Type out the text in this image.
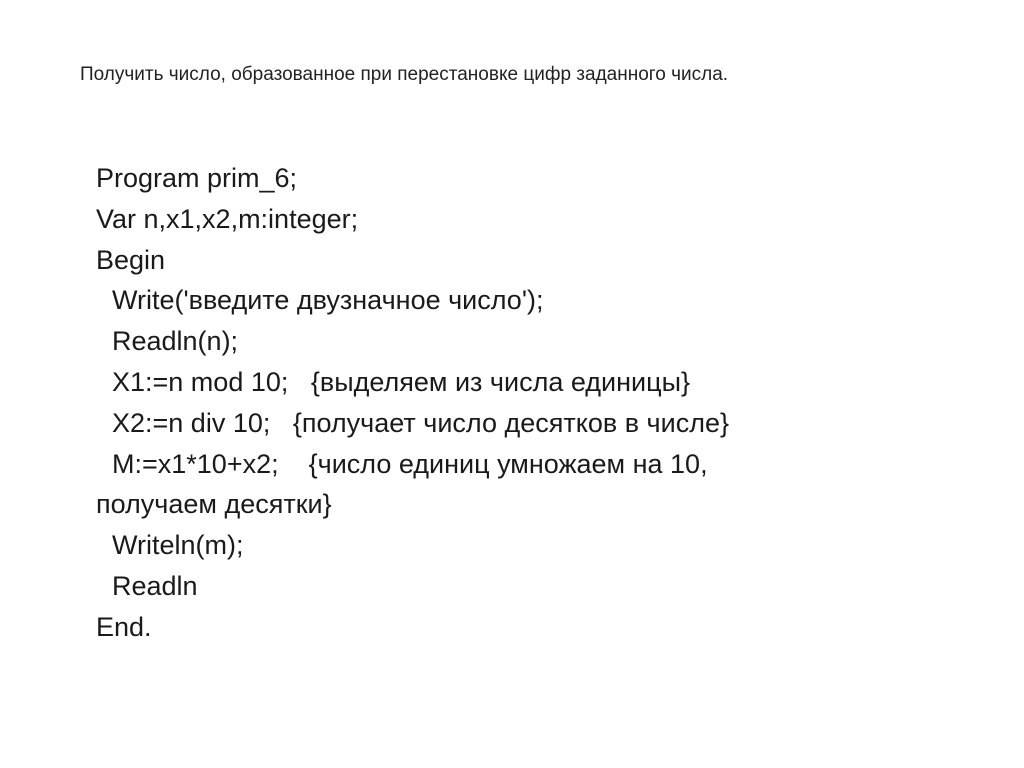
Получить число, образованное при перестановке цифр заданного числа.
Program prim_6;
Var n,x1,x2,m:integer;
Begin
Write('введите двузначное число');
Readln(n);
X1:=n mod 10;   {выделяем из числа единицы}
X2:=n div 10;   {получает число десятков в числе}
M:=x1*10+x2;    {число единиц умножаем на 10,
получаем десятки}
Writeln(m);
Readln
End.
